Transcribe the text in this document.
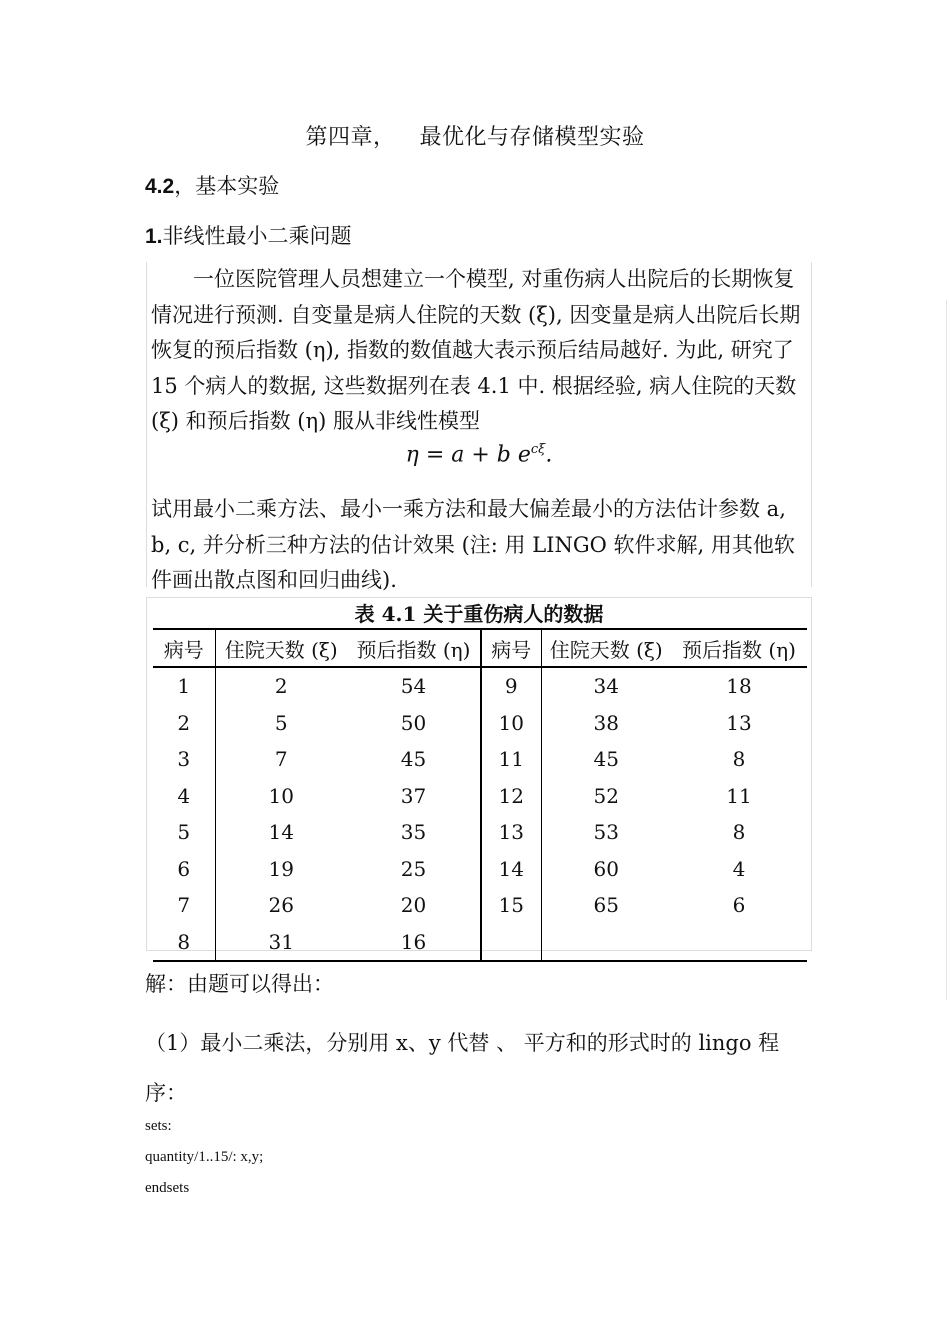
第四章， 最优化与存储模型实验
4.2，基本实验
1.非线性最小二乘问题
一位医院管理人员想建立一个模型, 对重伤病人出院后的长期恢复情况进行预测. 自变量是病人住院的天数 (ξ), 因变量是病人出院后长期恢复的预后指数 (η), 指数的数值越大表示预后结局越好. 为此, 研究了 15 个病人的数据, 这些数据列在表 4.1 中. 根据经验, 病人住院的天数 (ξ) 和预后指数 (η) 服从非线性模型
η = a + b $e^{c\xi}$.
试用最小二乘方法、最小一乘方法和最大偏差最小的方法估计参数 a, b, c, 并分析三种方法的估计效果 (注: 用 LINGO 软件求解, 用其他软件画出散点图和回归曲线).
表 4.1 关于重伤病人的数据
病号	住院天数 (ξ)	预后指数 (η)	病号	住院天数 (ξ)	预后指数 (η)
1	2	54	9	34	18
2	5	50	10	38	13
3	7	45	11	45	8
4	10	37	12	52	11
5	14	35	13	53	8
6	19	25	14	60	4
7	26	20	15	65	6
8	31	16			
解：由题可以得出：
（1）最小二乘法，分别用 x、y 代替 、 平方和的形式时的 lingo 程序：
sets:
quantity/1..15/: x,y;
endsets
